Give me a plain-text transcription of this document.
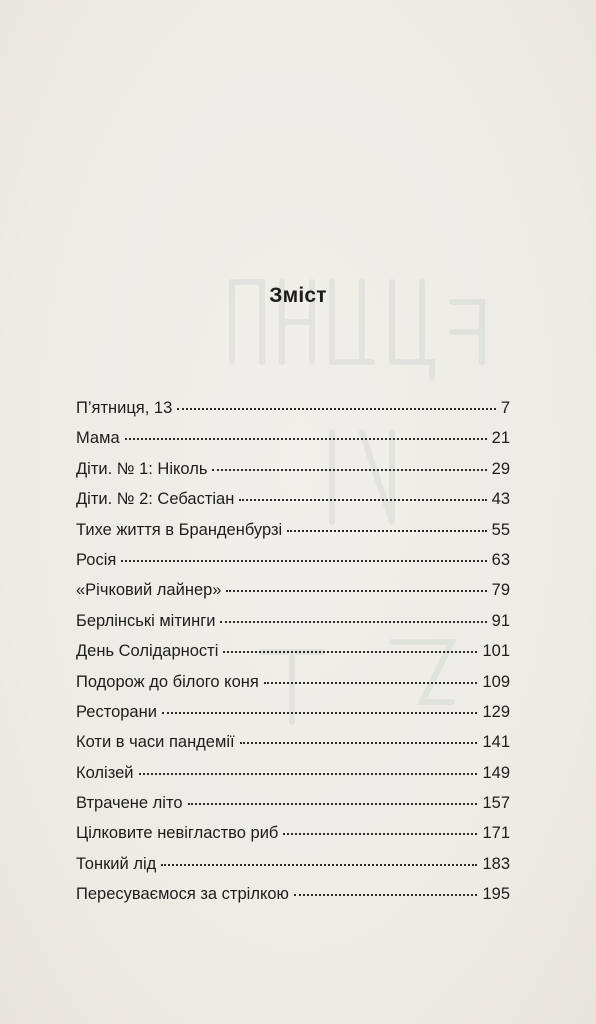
Зміст
П’ятниця, 13	7
Мама	21
Діти. № 1: Ніколь	29
Діти. № 2: Себастіан	43
Тихе життя в Бранденбурзі	55
Росія	63
«Річковий лайнер»	79
Берлінські мітинги	91
День Солідарності	101
Подорож до білого коня	109
Ресторани	129
Коти в часи пандемії	141
Колізей	149
Втрачене літо	157
Цілковите невігластво риб	171
Тонкий лід	183
Пересуваємося за стрілкою	195
